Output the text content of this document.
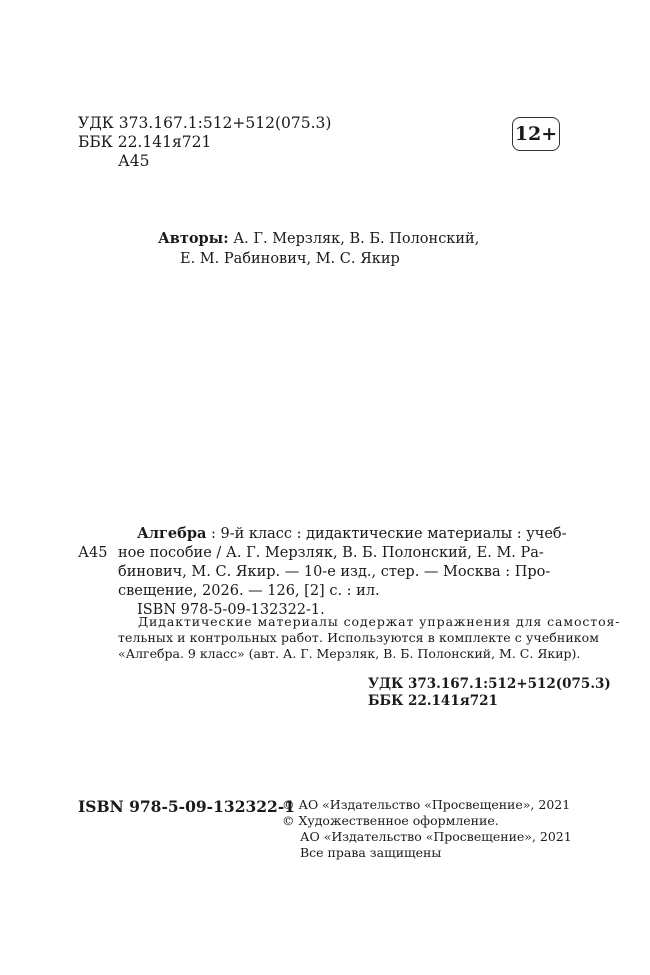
УДК 373.167.1:512+512(075.3)
ББК 22.141я721
А45
12+
Авторы: А. Г. Мерзляк, В. Б. Полонский,
Е. М. Рабинович, М. С. Якир
Алгебра : 9-й класс : дидактические материалы : учеб-
А45 ное пособие / А. Г. Мерзляк, В. Б. Полонский, Е. М. Ра-
бинович, М. С. Якир. — 10-е изд., стер. — Москва : Про-
свещение, 2026. — 126, [2] с. : ил.
ISBN 978-5-09-132322-1.
Дидактические материалы содержат упражнения для самостоя-
тельных и контрольных работ. Используются в комплекте с учебником
«Алгебра. 9 класс» (авт. А. Г. Мерзляк, В. Б. Полонский, М. С. Якир).
УДК 373.167.1:512+512(075.3)
ББК 22.141я721
ISBN 978-5-09-132322-1
© АО «Издательство «Просвещение», 2021
© Художественное оформление.
АО «Издательство «Просвещение», 2021
Все права защищены
